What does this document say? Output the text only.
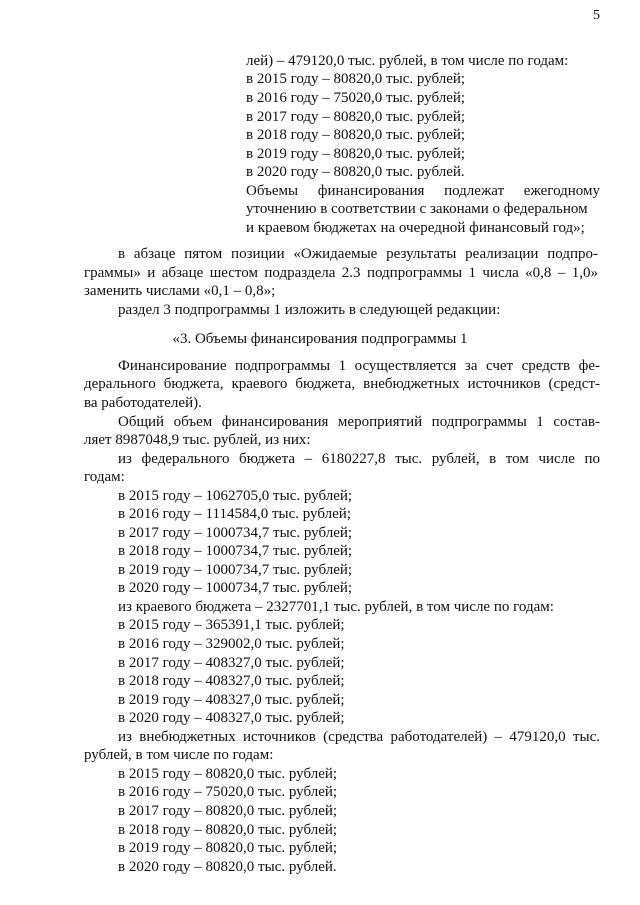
5
лей) – 479120,0 тыс. рублей, в том числе по годам:
в 2015 году – 80820,0 тыс. рублей;
в 2016 году – 75020,0 тыс. рублей;
в 2017 году – 80820,0 тыс. рублей;
в 2018 году – 80820,0 тыс. рублей;
в 2019 году – 80820,0 тыс. рублей;
в 2020 году – 80820,0 тыс. рублей.
Объемы финансирования подлежат ежегодному
уточнению в соответствии с законами о федеральном
и краевом бюджетах на очередной финансовый год»;
в абзаце пятом позиции «Ожидаемые результаты реализации подпро-
граммы» и абзаце шестом подраздела 2.3 подпрограммы 1 числа «0,8 – 1,0»
заменить числами «0,1 – 0,8»;
раздел 3 подпрограммы 1 изложить в следующей редакции:
«3. Объемы финансирования подпрограммы 1
Финансирование подпрограммы 1 осуществляется за счет средств фе-
дерального бюджета, краевого бюджета, внебюджетных источников (средст-
ва работодателей).
Общий объем финансирования мероприятий подпрограммы 1 состав-
ляет 8987048,9 тыс. рублей, из них:
из федерального бюджета – 6180227,8 тыс. рублей, в том числе по
годам:
в 2015 году – 1062705,0 тыс. рублей;
в 2016 году – 1114584,0 тыс. рублей;
в 2017 году – 1000734,7 тыс. рублей;
в 2018 году – 1000734,7 тыс. рублей;
в 2019 году – 1000734,7 тыс. рублей;
в 2020 году – 1000734,7 тыс. рублей;
из краевого бюджета – 2327701,1 тыс. рублей, в том числе по годам:
в 2015 году – 365391,1 тыс. рублей;
в 2016 году – 329002,0 тыс. рублей;
в 2017 году – 408327,0 тыс. рублей;
в 2018 году – 408327,0 тыс. рублей;
в 2019 году – 408327,0 тыс. рублей;
в 2020 году – 408327,0 тыс. рублей;
из внебюджетных источников (средства работодателей) – 479120,0 тыс.
рублей, в том числе по годам:
в 2015 году – 80820,0 тыс. рублей;
в 2016 году – 75020,0 тыс. рублей;
в 2017 году – 80820,0 тыс. рублей;
в 2018 году – 80820,0 тыс. рублей;
в 2019 году – 80820,0 тыс. рублей;
в 2020 году – 80820,0 тыс. рублей.
